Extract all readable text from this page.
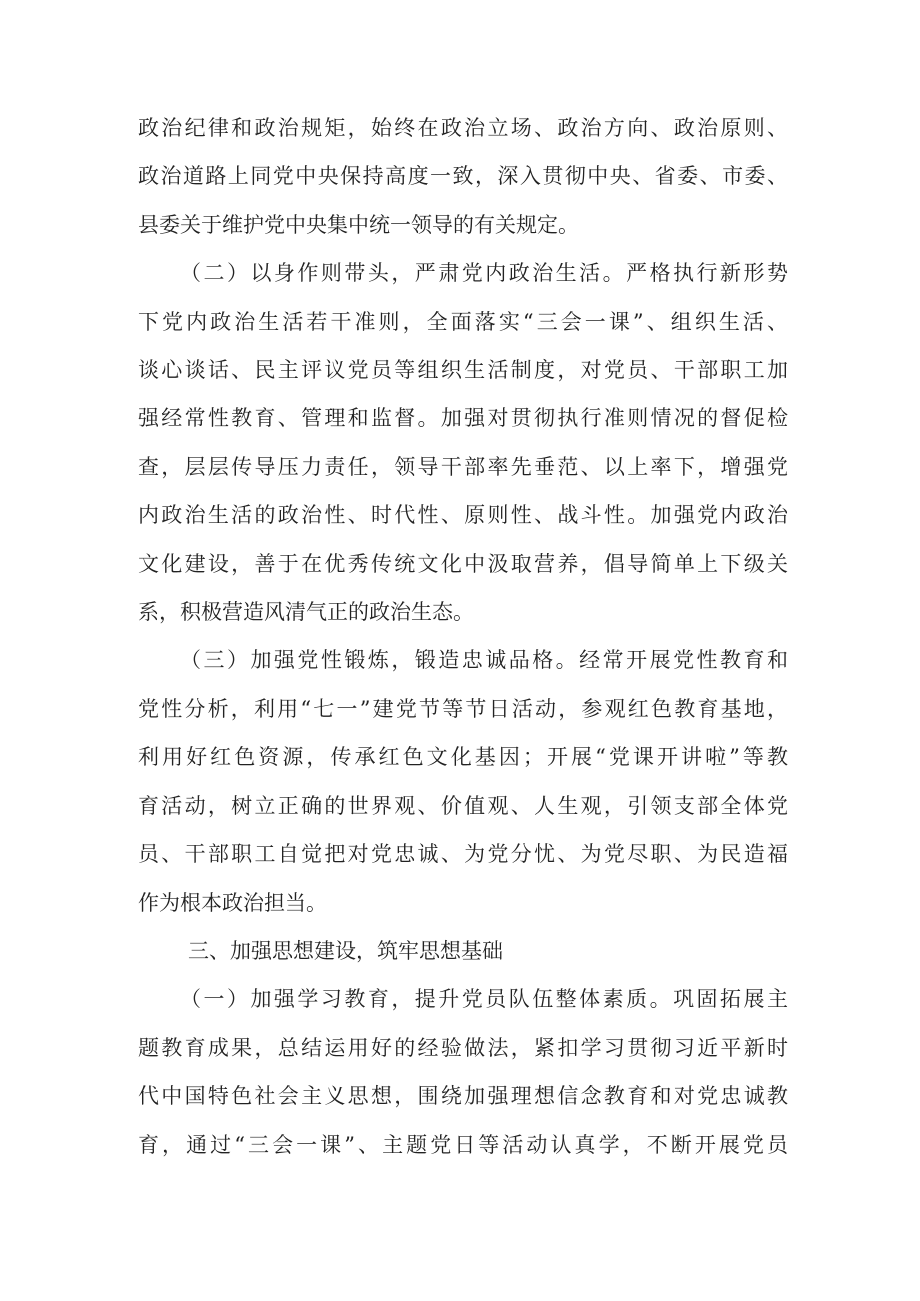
政治纪律和政治规矩，始终在政治立场、政治方向、政治原则、
政治道路上同党中央保持高度一致，深入贯彻中央、省委、市委、
县委关于维护党中央集中统一领导的有关规定。
（二）以身作则带头，严肃党内政治生活。严格执行新形势
下党内政治生活若干准则，全面落实“三会一课”、组织生活、
谈心谈话、民主评议党员等组织生活制度，对党员、干部职工加
强经常性教育、管理和监督。加强对贯彻执行准则情况的督促检
查，层层传导压力责任，领导干部率先垂范、以上率下，增强党
内政治生活的政治性、时代性、原则性、战斗性。加强党内政治
文化建设，善于在优秀传统文化中汲取营养，倡导简单上下级关
系，积极营造风清气正的政治生态。
（三）加强党性锻炼，锻造忠诚品格。经常开展党性教育和
党性分析，利用“七一”建党节等节日活动，参观红色教育基地，
利用好红色资源，传承红色文化基因；开展“党课开讲啦”等教
育活动，树立正确的世界观、价值观、人生观，引领支部全体党
员、干部职工自觉把对党忠诚、为党分忧、为党尽职、为民造福
作为根本政治担当。
三、加强思想建设，筑牢思想基础
（一）加强学习教育，提升党员队伍整体素质。巩固拓展主
题教育成果，总结运用好的经验做法，紧扣学习贯彻习近平新时
代中国特色社会主义思想，围绕加强理想信念教育和对党忠诚教
育，通过“三会一课”、主题党日等活动认真学，不断开展党员
